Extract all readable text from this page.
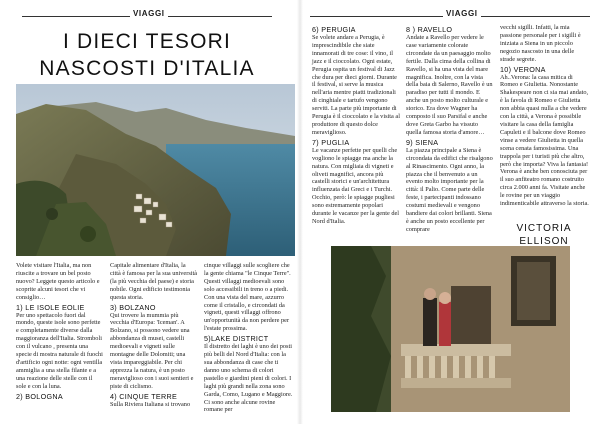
VIAGGI	VIAGGI
I DIECI TESORI
NASCOSTI D'ITALIA

Volete visitare l'Italia, ma non riuscite a trovare un bel posto nuovo? Leggete questo articolo e scoprite alcuni tesori che vi consiglio…

1) LE ISOLE EOLIE

Per uno spettacolo fuori dal mondo, queste isole sono perfette e completamente diverse dalla maggioranza dell'Italia. Stromboli con il vulcano , presenta una specie di mostra naturale di fuochi d'artificio ogni notte: ogni ventilla ammiglia a una stella filante e a una reazione delle stelle con il sole e con la luna.

2) BOLOGNA

Capitale alimentare d'Italia, la città è famosa per la sua università (la più vecchia del paese) e storia nobile. Ogni edificio testimonia questa storia.

3) BOLZANO

Qui trovere la mummia più vecchia d'Europa: 'Iceman'. A Bolzano, si possono vedere una abbondanza di musei, castelli medioevali e vigneti sulle montagne delle Dolomiti; una vista impareggiabile. Per chi apprezza la natura, è un posto meraviglioso con i suoi sentieri e piste di ciclismo.

4) CINQUE TERRE

Sulla Riviera Italiana si trovano

cinque villaggi sulle scogliere che la gente chiama "le Cinque Terre". Questi villaggi medioevali sono solo accessibili in treno o a piedi. Con una vista del mare, azzurro come il cristallo, e circondati da vigneti, questi villaggi offrono un'opportunità da non perdere per l'estate prossima.

5)LAKE DISTRICT

Il distretto dei laghi è uno dei posti più belli del Nord d'Italia: con la sua abbondanza di case che ti danno uno schema di colori pastello e giardini pieni di colori. I laghi più grandi nella zona sono Garda, Como, Lugano e Maggiore. Ci sono anche alcune rovine romane per

6) PERUGIA

Se volete andare a Perugia, è imprescindibile che siate innamorati di tre cose: il vino, il jazz e il cioccolato. Ogni estate, Perugia ospita un festival di Jazz che dura per dieci giorni. Durante il festival, si serve la musica nell'aria mentre piatti tradizionali di cinghiale e tartufo vengono serviti. La parte più importante di Perugia è il cioccolato e la visita al produttore di questo dolce meraviglioso.

7) PUGLIA

Le vacanze perfette per quelli che vogliono le spiagge ma anche la natura. Con migliaia di vigneti e oliveti magnifici, ancora più castelli storici e un'architettura influenzata dai Greci e i Turchi. Occhio, però: le spiagge pugliesi sono estremamente popolari durante le vacanze per la gente del Nord d'Italia.

8 ) RAVELLO

Andate a Ravello per vedere le case variamente colorate circondate da un paesaggio molto fertile. Dalla cima della collina di Ravello, si ha una vista del mare magnifica. Inoltre, con la vista della baia di Salerno, Ravello è un paradiso per tutti il mondo. E anche un posto molto culturale e storico. Era dove Wagner ha composto il suo Parsifal e anche dove Greta Garbo ha vissuto quella famosa storia d'amore…

9) SIENA

La piazza principale a Siena è circondata da edifici che risalgono al Rinascimento. Ogni anno, la piazza che il benvenuto a un evento molto importante per la città: il Palio. Come parte delle feste, i partecipanti indossano costumi medievali e vengono bandiere dai colori brillanti. Siena è anche un posto eccellente per comprare

vecchi sigilli. Infatti, la mia passione personale per i sigilli è iniziata a Siena in un piccolo negozio nascosto in una delle strade segrete.

10) VERONA

Ah..Verona: la casa mitica di Romeo e Giulietta. Nonostante Shakespeare non ci sia mai andato, è la favola di Romeo e Giulietta non abbia quasi nulla a che vedere con la città, a Verona è possibile visitare la casa della famiglia Capuleti e il balcone dove Romeo vinse a vedere Giulietta in quella scena cenata famosissima. Una trappola per i turisti più che altro, però che importa? Viva la fantasia! Verona è anche ben conosciuta per il suo anfiteatro romano costruito circa 2.000 anni fa. Visitate anche le rovine per un viaggio indimenticabile attraverso la storia.

VICTORIA
ELLISON
